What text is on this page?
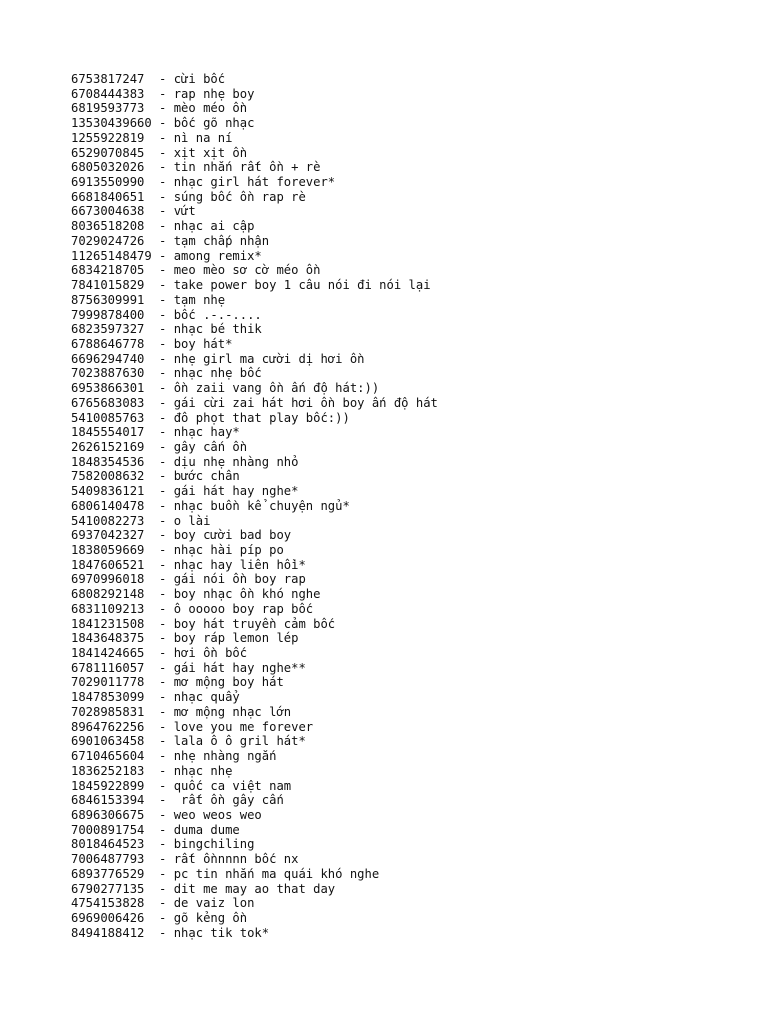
6753817247  - cừi bốc
6708444383  - rap nhẹ boy
6819593773  - mèo méo ồn
13530439660 - bốc gõ nhạc
1255922819  - nì na ní
6529070845  - xịt xịt ồn
6805032026  - tin nhắn rất ồn + rè
6913550990  - nhạc girl hát forever*
6681840651  - súng bốc ồn rap rè
6673004638  - vứt
8036518208  - nhạc ai cập
7029024726  - tạm chấp nhận
11265148479 - among remix*
6834218705  - meo mèo sơ cờ méo ồn
7841015829  - take power boy 1 câu nói đi nói lại
8756309991  - tạm nhẹ
7999878400  - bốc .-.-....
6823597327  - nhạc bé thik
6788646778  - boy hát*
6696294740  - nhẹ girl ma cười dị hơi ồn
7023887630  - nhạc nhẹ bốc
6953866301  - ồn zaii vang ồn ấn độ hát:))
6765683083  - gái cừi zai hát hơi ồn boy ấn độ hát
5410085763  - đô phọt that play bốc:))
1845554017  - nhạc hay*
2626152169  - gây cấn ồn
1848354536  - dịu nhẹ nhàng nhỏ
7582008632  - bước chân
5409836121  - gái hát hay nghe*
6806140478  - nhạc buồn kể chuyện ngủ*
5410082273  - o lài
6937042327  - boy cười bad boy
1838059669  - nhạc hài píp po
1847606521  - nhạc hay liên hồi*
6970996018  - gái nói ồn boy rap
6808292148  - boy nhạc ồn khó nghe
6831109213  - ô ooooo boy rap bốc
1841231508  - boy hát truyền cảm bốc
1843648375  - boy ráp lemon lép
1841424665  - hơi ồn bốc
6781116057  - gái hát hay nghe**
7029011778  - mơ mộng boy hát
1847853099  - nhạc quẩy
7028985831  - mơ mộng nhạc lớn
8964762256  - love you me forever
6901063458  - lala ô ô gril hát*
6710465604  - nhẹ nhàng ngắn
1836252183  - nhạc nhẹ
1845922899  - quốc ca việt nam
6846153394  -  rất ồn gây cấn
6896306675  - weo weos weo
7000891754  - duma dume
8018464523  - bingchiling
7006487793  - rất ồnnnnn bốc nx
6893776529  - pc tin nhắn ma quái khó nghe
6790277135  - dit me may ao that day
4754153828  - de vaiz lon
6969006426  - gõ kẻng ồn
8494188412  - nhạc tik tok*
